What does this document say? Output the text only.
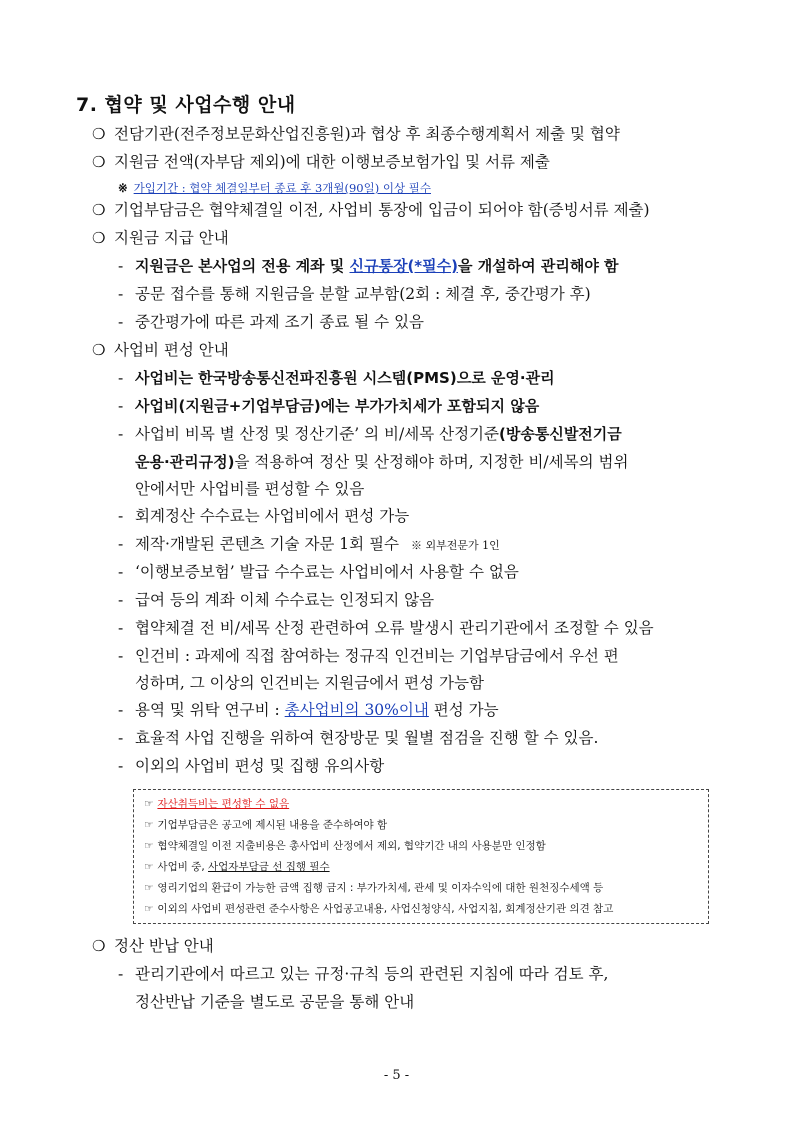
7. 협약 및 사업수행 안내
❍ 전담기관(전주정보문화산업진흥원)과 협상 후 최종수행계획서 제출 및 협약
❍ 지원금 전액(자부담 제외)에 대한 이행보증보험가입 및 서류 제출
※ 가입기간 : 협약 체결일부터 종료 후 3개월(90일) 이상 필수
❍ 기업부담금은 협약체결일 이전, 사업비 통장에 입금이 되어야 함(증빙서류 제출)
❍ 지원금 지급 안내
- 지원금은 본사업의 전용 계좌 및 신규통장(*필수)을 개설하여 관리해야 함
- 공문 접수를 통해 지원금을 분할 교부함(2회 : 체결 후, 중간평가 후)
- 중간평가에 따른 과제 조기 종료 될 수 있음
❍ 사업비 편성 안내
- 사업비는 한국방송통신전파진흥원 시스템(PMS)으로 운영·관리
- 사업비(지원금+기업부담금)에는 부가가치세가 포함되지 않음
- 사업비 비목 별 산정 및 정산기준’ 의 비/세목 산정기준(방송통신발전기금
운용·관리규정)을 적용하여 정산 및 산정해야 하며, 지정한 비/세목의 범위
안에서만 사업비를 편성할 수 있음
- 회계정산 수수료는 사업비에서 편성 가능
- 제작·개발된 콘텐츠 기술 자문 1회 필수 ※ 외부전문가 1인
- ‘이행보증보험’ 발급 수수료는 사업비에서 사용할 수 없음
- 급여 등의 계좌 이체 수수료는 인정되지 않음
- 협약체결 전 비/세목 산정 관련하여 오류 발생시 관리기관에서 조정할 수 있음
- 인건비 : 과제에 직접 참여하는 정규직 인건비는 기업부담금에서 우선 편
성하며, 그 이상의 인건비는 지원금에서 편성 가능함
- 용역 및 위탁 연구비 : 총사업비의 30%이내 편성 가능
- 효율적 사업 진행을 위하여 현장방문 및 월별 점검을 진행 할 수 있음.
- 이외의 사업비 편성 및 집행 유의사항
☞ 자산취득비는 편성할 수 없음
☞ 기업부담금은 공고에 제시된 내용을 준수하여야 함
☞ 협약체결일 이전 지출비용은 총사업비 산정에서 제외, 협약기간 내의 사용분만 인정함
☞ 사업비 중, 사업자부담금 선 집행 필수
☞ 영리기업의 환급이 가능한 금액 집행 금지 : 부가가치세, 관세 및 이자수익에 대한 원천징수세액 등
☞ 이외의 사업비 편성관련 준수사항은 사업공고내용, 사업신청양식, 사업지침, 회계정산기관 의견 참고
❍ 정산 반납 안내
- 관리기관에서 따르고 있는 규정·규칙 등의 관련된 지침에 따라 검토 후,
정산반납 기준을 별도로 공문을 통해 안내
- 5 -
